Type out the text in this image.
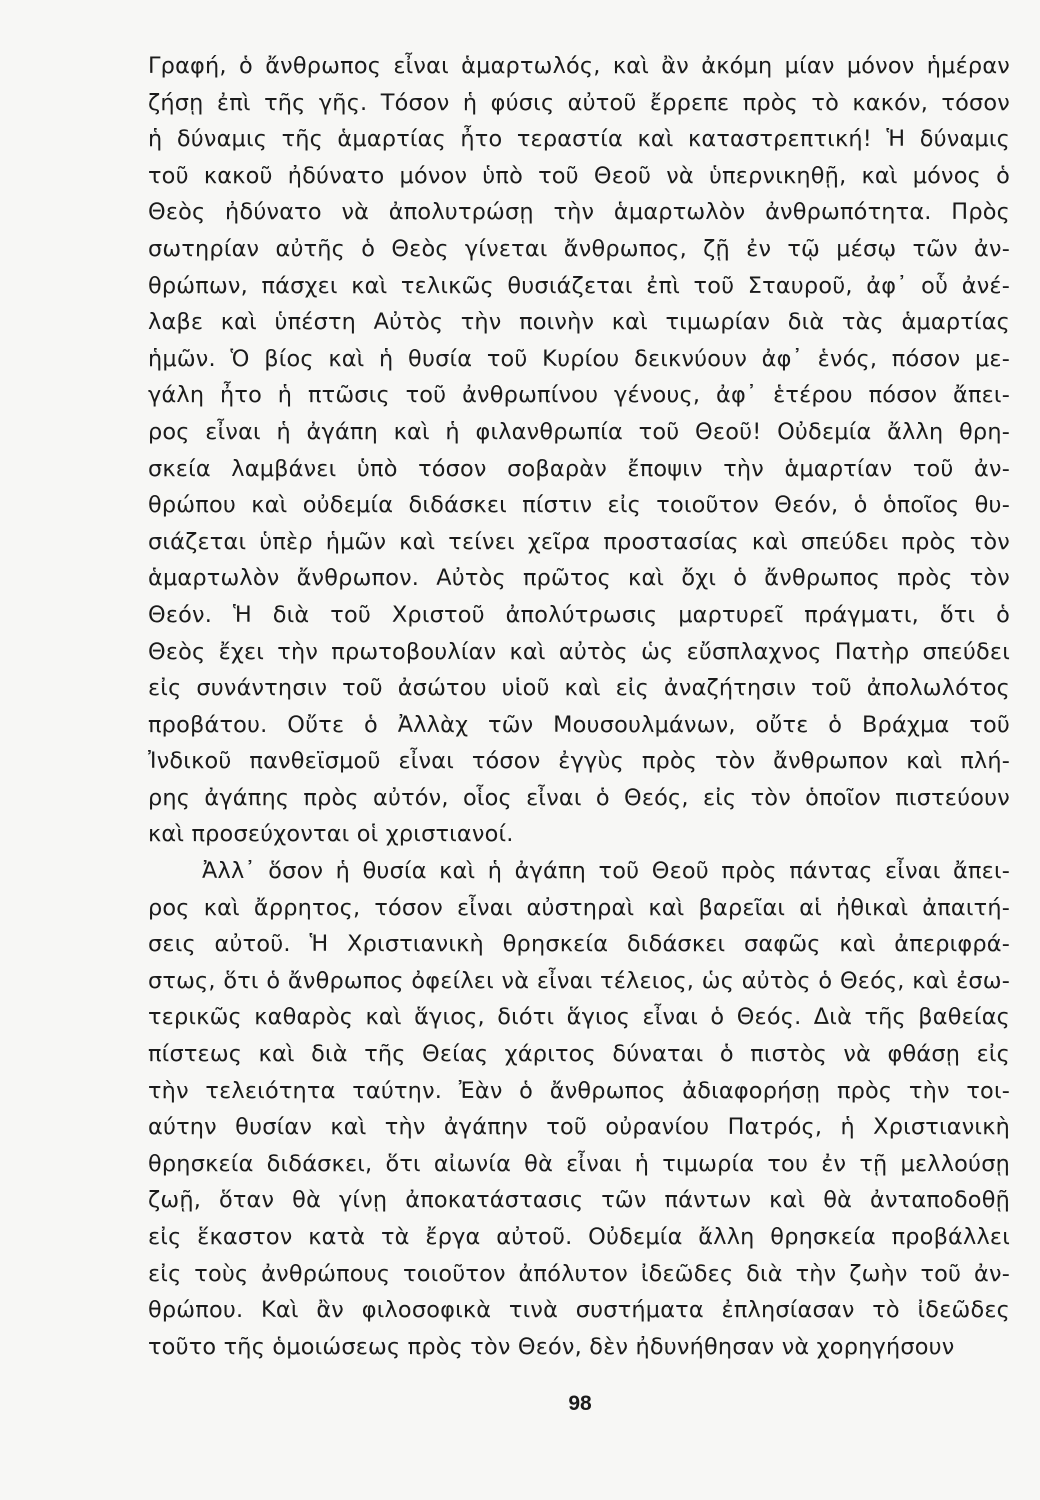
Γραφή, ὁ ἄνθρωπος εἶναι ἁμαρτωλός, καὶ ἂν ἀκόμη μίαν μόνον ἡμέραν
ζήσῃ ἐπὶ τῆς γῆς. Τόσον ἡ φύσις αὐτοῦ ἔρρεπε πρὸς τὸ κακόν, τόσον
ἡ δύναμις τῆς ἁμαρτίας ἦτο τεραστία καὶ καταστρεπτική! Ἡ δύναμις
τοῦ κακοῦ ἠδύνατο μόνον ὑπὸ τοῦ Θεοῦ νὰ ὑπερνικηθῇ, καὶ μόνος ὁ
Θεὸς ἠδύνατο νὰ ἀπολυτρώσῃ τὴν ἁμαρτωλὸν ἀνθρωπότητα. Πρὸς
σωτηρίαν αὐτῆς ὁ Θεὸς γίνεται ἄνθρωπος, ζῇ ἐν τῷ μέσῳ τῶν ἀν-
θρώπων, πάσχει καὶ τελικῶς θυσιάζεται ἐπὶ τοῦ Σταυροῦ, ἀφ᾽ οὗ ἀνέ-
λαβε καὶ ὑπέστη Αὐτὸς τὴν ποινὴν καὶ τιμωρίαν διὰ τὰς ἁμαρτίας
ἡμῶν. Ὁ βίος καὶ ἡ θυσία τοῦ Κυρίου δεικνύουν ἀφ᾽ ἑνός, πόσον με-
γάλη ἦτο ἡ πτῶσις τοῦ ἀνθρωπίνου γένους, ἀφ᾽ ἑτέρου πόσον ἄπει-
ρος εἶναι ἡ ἀγάπη καὶ ἡ φιλανθρωπία τοῦ Θεοῦ! Οὐδεμία ἄλλη θρη-
σκεία λαμβάνει ὑπὸ τόσον σοβαρὰν ἔποψιν τὴν ἁμαρτίαν τοῦ ἀν-
θρώπου καὶ οὐδεμία διδάσκει πίστιν εἰς τοιοῦτον Θεόν, ὁ ὁποῖος θυ-
σιάζεται ὑπὲρ ἡμῶν καὶ τείνει χεῖρα προστασίας καὶ σπεύδει πρὸς τὸν
ἁμαρτωλὸν ἄνθρωπον. Αὐτὸς πρῶτος καὶ ὄχι ὁ ἄνθρωπος πρὸς τὸν
Θεόν. Ἡ διὰ τοῦ Χριστοῦ ἀπολύτρωσις μαρτυρεῖ πράγματι, ὅτι ὁ
Θεὸς ἔχει τὴν πρωτοβουλίαν καὶ αὐτὸς ὡς εὔσπλαχνος Πατὴρ σπεύδει
εἰς συνάντησιν τοῦ ἀσώτου υἱοῦ καὶ εἰς ἀναζήτησιν τοῦ ἀπολωλότος
προβάτου. Οὔτε ὁ Ἀλλὰχ τῶν Μουσουλμάνων, οὔτε ὁ Βράχμα τοῦ
Ἰνδικοῦ πανθεϊσμοῦ εἶναι τόσον ἐγγὺς πρὸς τὸν ἄνθρωπον καὶ πλή-
ρης ἀγάπης πρὸς αὐτόν, οἷος εἶναι ὁ Θεός, εἰς τὸν ὁποῖον πιστεύουν
καὶ προσεύχονται οἱ χριστιανοί.
Ἀλλ᾽ ὅσον ἡ θυσία καὶ ἡ ἀγάπη τοῦ Θεοῦ πρὸς πάντας εἶναι ἄπει-
ρος καὶ ἄρρητος, τόσον εἶναι αὐστηραὶ καὶ βαρεῖαι αἱ ἠθικαὶ ἀπαιτή-
σεις αὐτοῦ. Ἡ Χριστιανικὴ θρησκεία διδάσκει σαφῶς καὶ ἀπεριφρά-
στως, ὅτι ὁ ἄνθρωπος ὀφείλει νὰ εἶναι τέλειος, ὡς αὐτὸς ὁ Θεός, καὶ ἐσω-
τερικῶς καθαρὸς καὶ ἅγιος, διότι ἅγιος εἶναι ὁ Θεός. Διὰ τῆς βαθείας
πίστεως καὶ διὰ τῆς Θείας χάριτος δύναται ὁ πιστὸς νὰ φθάσῃ εἰς
τὴν τελειότητα ταύτην. Ἐὰν ὁ ἄνθρωπος ἀδιαφορήσῃ πρὸς τὴν τοι-
αύτην θυσίαν καὶ τὴν ἀγάπην τοῦ οὐρανίου Πατρός, ἡ Χριστιανικὴ
θρησκεία διδάσκει, ὅτι αἰωνία θὰ εἶναι ἡ τιμωρία του ἐν τῇ μελλούσῃ
ζωῇ, ὅταν θὰ γίνῃ ἀποκατάστασις τῶν πάντων καὶ θὰ ἀνταποδοθῇ
εἰς ἕκαστον κατὰ τὰ ἔργα αὐτοῦ. Οὐδεμία ἄλλη θρησκεία προβάλλει
εἰς τοὺς ἀνθρώπους τοιοῦτον ἀπόλυτον ἰδεῶδες διὰ τὴν ζωὴν τοῦ ἀν-
θρώπου. Καὶ ἂν φιλοσοφικὰ τινὰ συστήματα ἐπλησίασαν τὸ ἰδεῶδες
τοῦτο τῆς ὁμοιώσεως πρὸς τὸν Θεόν, δὲν ἠδυνήθησαν νὰ χορηγήσουν
98
